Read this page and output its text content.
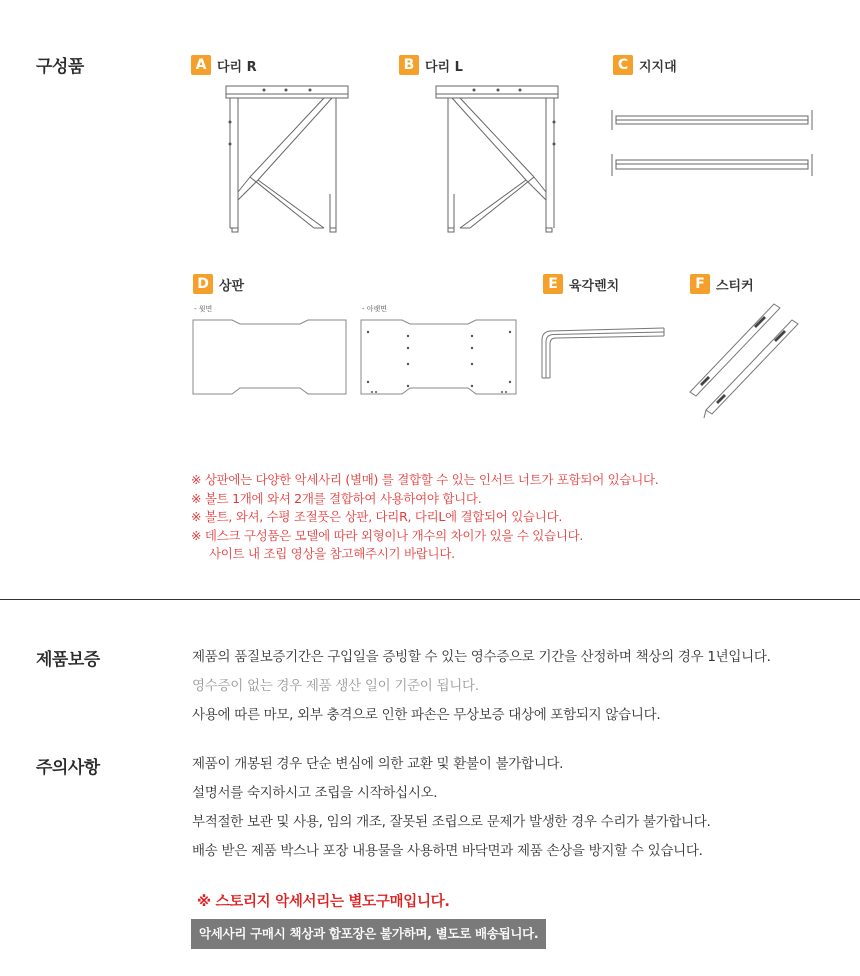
구성품	A 다리 R	B 다리 L	C 지지대
D 상판
- 윗면	- 아랫면
E 육각렌치	F 스티커
※ 상판에는 다양한 악세사리 (별매) 를 결합할 수 있는 인서트 너트가 포함되어 있습니다.
※ 볼트 1개에 와셔 2개를 결합하여 사용하여야 합니다.
※ 볼트, 와셔, 수평 조절풋은 상판, 다리R, 다리L에 결합되어 있습니다.
※ 데스크 구성품은 모델에 따라 외형이나 개수의 차이가 있을 수 있습니다.
사이트 내 조립 영상을 참고해주시기 바랍니다.
제품보증	제품의 품질보증기간은 구입일을 증빙할 수 있는 영수증으로 기간을 산정하며 책상의 경우 1년입니다.
영수증이 없는 경우 제품 생산 일이 기준이 됩니다.
사용에 따른 마모, 외부 충격으로 인한 파손은 무상보증 대상에 포함되지 않습니다.
주의사항	제품이 개봉된 경우 단순 변심에 의한 교환 및 환불이 불가합니다.
설명서를 숙지하시고 조립을 시작하십시오.
부적절한 보관 및 사용, 임의 개조, 잘못된 조립으로 문제가 발생한 경우 수리가 불가합니다.
배송 받은 제품 박스나 포장 내용물을 사용하면 바닥면과 제품 손상을 방지할 수 있습니다.
※ 스토리지 악세서리는 별도구매입니다.
악세사리 구매시 책상과 합포장은 불가하며, 별도로 배송됩니다.
